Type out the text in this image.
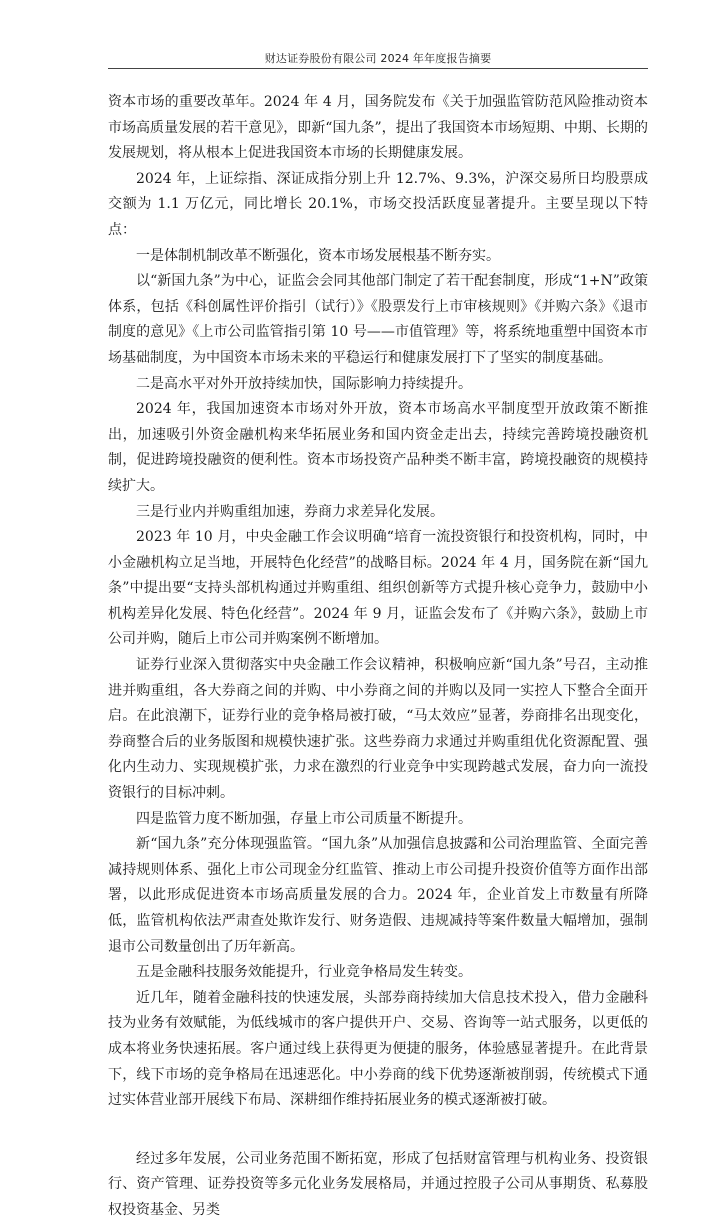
财达证券股份有限公司 2024 年年度报告摘要

资本市场的重要改革年。2024 年 4 月，国务院发布《关于加强监管防范风险推动资本市场高质量发展的若干意见》，即新“国九条”，提出了我国资本市场短期、中期、长期的发展规划，将从根本上促进我国资本市场的长期健康发展。

2024 年，上证综指、深证成指分别上升 12.7%、9.3%，沪深交易所日均股票成交额为 1.1 万亿元，同比增长 20.1%，市场交投活跃度显著提升。主要呈现以下特点：

一是体制机制改革不断强化，资本市场发展根基不断夯实。

以“新国九条”为中心，证监会会同其他部门制定了若干配套制度，形成“1+N”政策体系，包括《科创属性评价指引（试行）》《股票发行上市审核规则》《并购六条》《退市制度的意见》《上市公司监管指引第 10 号——市值管理》等，将系统地重塑中国资本市场基础制度，为中国资本市场未来的平稳运行和健康发展打下了坚实的制度基础。

二是高水平对外开放持续加快，国际影响力持续提升。

2024 年，我国加速资本市场对外开放，资本市场高水平制度型开放政策不断推出，加速吸引外资金融机构来华拓展业务和国内资金走出去，持续完善跨境投融资机制，促进跨境投融资的便利性。资本市场投资产品种类不断丰富，跨境投融资的规模持续扩大。

三是行业内并购重组加速，券商力求差异化发展。

2023 年 10 月，中央金融工作会议明确“培育一流投资银行和投资机构，同时，中小金融机构立足当地，开展特色化经营”的战略目标。2024 年 4 月，国务院在新“国九条”中提出要“支持头部机构通过并购重组、组织创新等方式提升核心竞争力，鼓励中小机构差异化发展、特色化经营”。2024 年 9 月，证监会发布了《并购六条》，鼓励上市公司并购，随后上市公司并购案例不断增加。

证券行业深入贯彻落实中央金融工作会议精神，积极响应新“国九条”号召，主动推进并购重组，各大券商之间的并购、中小券商之间的并购以及同一实控人下整合全面开启。在此浪潮下，证券行业的竞争格局被打破，“马太效应”显著，券商排名出现变化，券商整合后的业务版图和规模快速扩张。这些券商力求通过并购重组优化资源配置、强化内生动力、实现规模扩张，力求在激烈的行业竞争中实现跨越式发展，奋力向一流投资银行的目标冲刺。

四是监管力度不断加强，存量上市公司质量不断提升。

新“国九条”充分体现强监管。“国九条”从加强信息披露和公司治理监管、全面完善减持规则体系、强化上市公司现金分红监管、推动上市公司提升投资价值等方面作出部署，以此形成促进资本市场高质量发展的合力。2024 年，企业首发上市数量有所降低，监管机构依法严肃查处欺诈发行、财务造假、违规减持等案件数量大幅增加，强制退市公司数量创出了历年新高。

五是金融科技服务效能提升，行业竞争格局发生转变。

近几年，随着金融科技的快速发展，头部券商持续加大信息技术投入，借力金融科技为业务有效赋能，为低线城市的客户提供开户、交易、咨询等一站式服务，以更低的成本将业务快速拓展。客户通过线上获得更为便捷的服务，体验感显著提升。在此背景下，线下市场的竞争格局在迅速恶化。中小券商的线下优势逐渐被削弱，传统模式下通过实体营业部开展线下布局、深耕细作维持拓展业务的模式逐渐被打破。

经过多年发展，公司业务范围不断拓宽，形成了包括财富管理与机构业务、投资银行、资产管理、证券投资等多元化业务发展格局，并通过控股子公司从事期货、私募股权投资基金、另类
